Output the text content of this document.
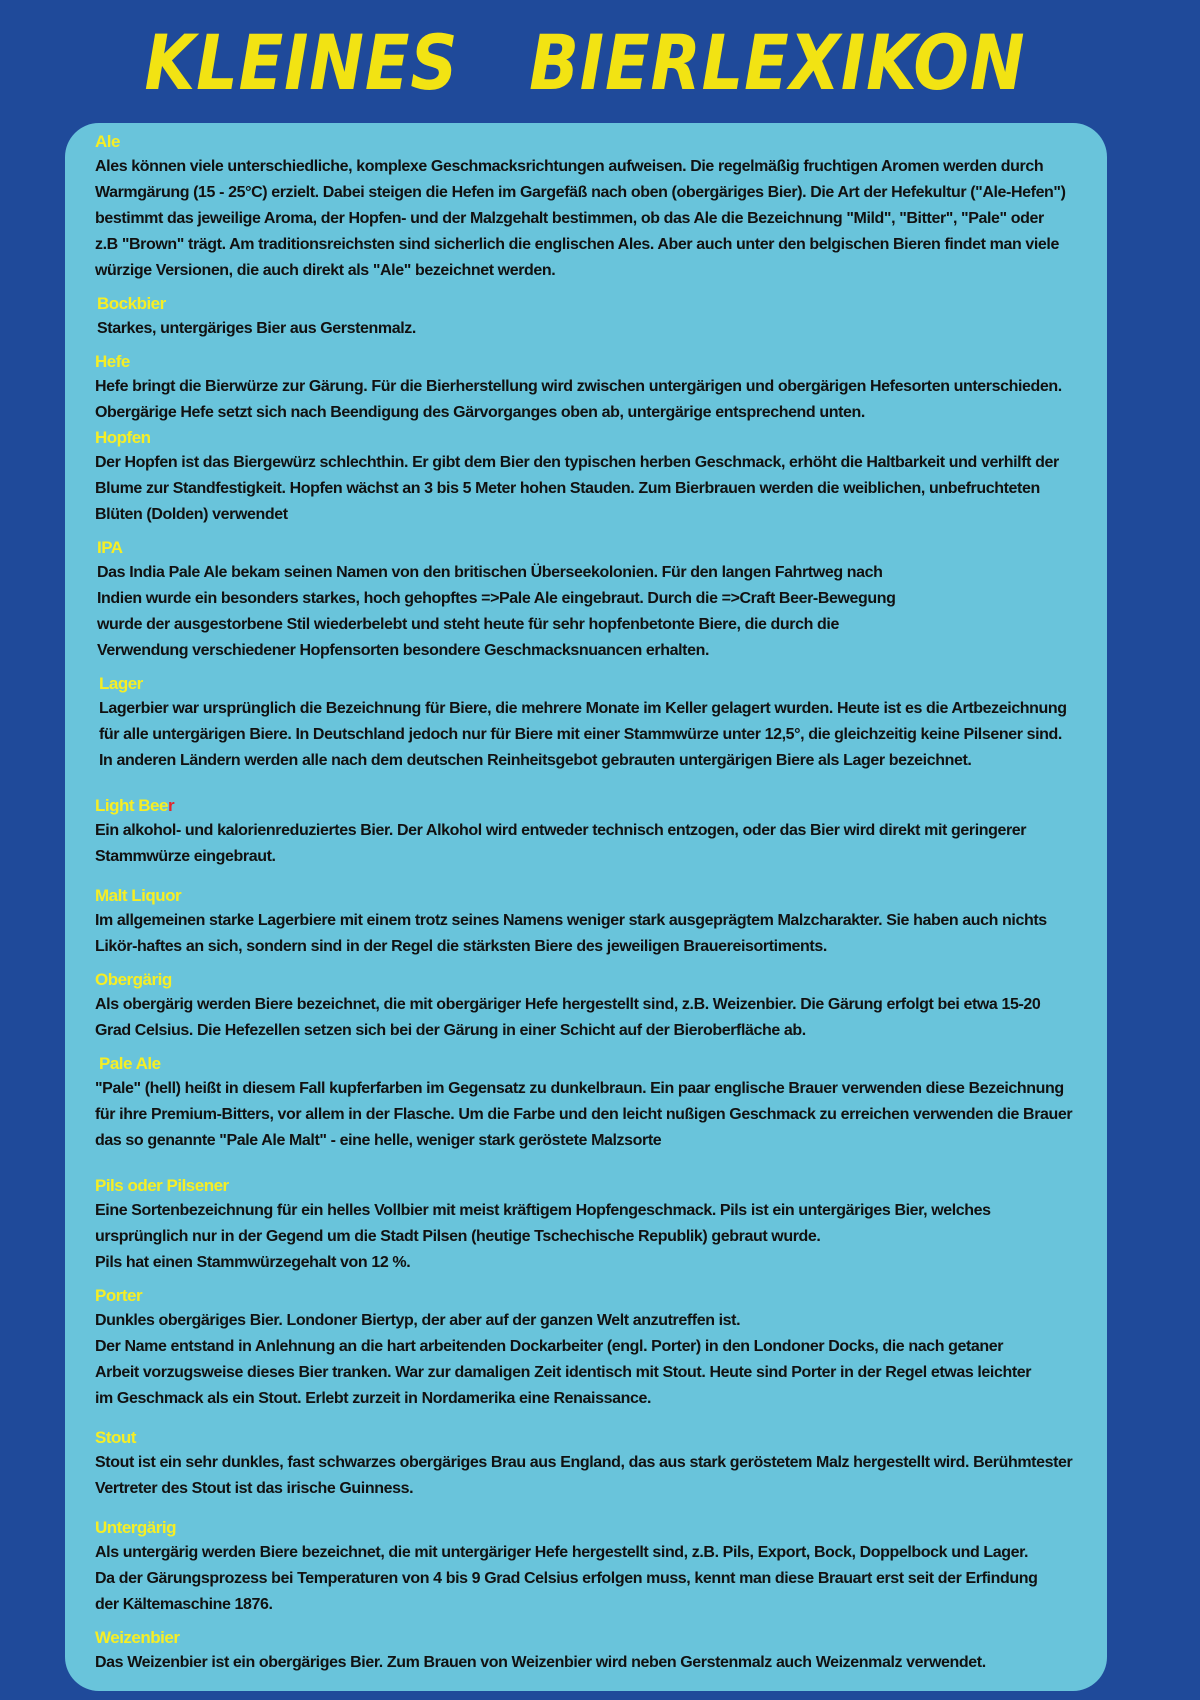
KLEINES   BIERLEXIKON
Ale
Ales können viele unterschiedliche, komplexe Geschmacksrichtungen aufweisen. Die regelmäßig fruchtigen Aromen werden durch
Warmgärung (15 - 25°C) erzielt. Dabei steigen die Hefen im Gargefäß nach oben (obergäriges Bier). Die Art der Hefekultur ("Ale-Hefen")
bestimmt das jeweilige Aroma, der Hopfen- und der Malzgehalt bestimmen, ob das Ale die Bezeichnung "Mild", "Bitter", "Pale" oder
z.B "Brown" trägt. Am traditionsreichsten sind sicherlich die englischen Ales. Aber auch unter den belgischen Bieren findet man viele
würzige Versionen, die auch direkt als "Ale" bezeichnet werden.
Bockbier
Starkes, untergäriges Bier aus Gerstenmalz.
Hefe
Hefe bringt die Bierwürze zur Gärung. Für die Bierherstellung wird zwischen untergärigen und obergärigen Hefesorten unterschieden.
Obergärige Hefe setzt sich nach Beendigung des Gärvorganges oben ab, untergärige entsprechend unten.
Hopfen
Der Hopfen ist das Biergewürz schlechthin. Er gibt dem Bier den typischen herben Geschmack, erhöht die Haltbarkeit und verhilft der
Blume zur Standfestigkeit. Hopfen wächst an 3 bis 5 Meter hohen Stauden. Zum Bierbrauen werden die weiblichen, unbefruchteten
Blüten (Dolden) verwendet
IPA
Das India Pale Ale bekam seinen Namen von den britischen Überseekolonien. Für den langen Fahrtweg nach
Indien wurde ein besonders starkes, hoch gehopftes =>Pale Ale eingebraut. Durch die =>Craft Beer-Bewegung
wurde der ausgestorbene Stil wiederbelebt und steht heute für sehr hopfenbetonte Biere, die durch die
Verwendung verschiedener Hopfensorten besondere Geschmacksnuancen erhalten.
Lager
Lagerbier war ursprünglich die Bezeichnung für Biere, die mehrere Monate im Keller gelagert wurden. Heute ist es die Artbezeichnung
für alle untergärigen Biere. In Deutschland jedoch nur für Biere mit einer Stammwürze unter 12,5°, die gleichzeitig keine Pilsener sind.
In anderen Ländern werden alle nach dem deutschen Reinheitsgebot gebrauten untergärigen Biere als Lager bezeichnet.
Light Beer
Ein alkohol- und kalorienreduziertes Bier. Der Alkohol wird entweder technisch entzogen, oder das Bier wird direkt mit geringerer
Stammwürze eingebraut.
Malt Liquor
Im allgemeinen starke Lagerbiere mit einem trotz seines Namens weniger stark ausgeprägtem Malzcharakter. Sie haben auch nichts
Likör-haftes an sich, sondern sind in der Regel die stärksten Biere des jeweiligen Brauereisortiments.
Obergärig
Als obergärig werden Biere bezeichnet, die mit obergäriger Hefe hergestellt sind, z.B. Weizenbier. Die Gärung erfolgt bei etwa 15-20
Grad Celsius. Die Hefezellen setzen sich bei der Gärung in einer Schicht auf der Bieroberfläche ab.
Pale Ale
"Pale" (hell) heißt in diesem Fall kupferfarben im Gegensatz zu dunkelbraun. Ein paar englische Brauer verwenden diese Bezeichnung
für ihre Premium-Bitters, vor allem in der Flasche. Um die Farbe und den leicht nußigen Geschmack zu erreichen verwenden die Brauer
das so genannte "Pale Ale Malt" - eine helle, weniger stark geröstete Malzsorte
Pils oder Pilsener
Eine Sortenbezeichnung für ein helles Vollbier mit meist kräftigem Hopfengeschmack. Pils ist ein untergäriges Bier, welches
ursprünglich nur in der Gegend um die Stadt Pilsen (heutige Tschechische Republik) gebraut wurde.
Pils hat einen Stammwürzegehalt von 12 %.
Porter
Dunkles obergäriges Bier. Londoner Biertyp, der aber auf der ganzen Welt anzutreffen ist.
Der Name entstand in Anlehnung an die hart arbeitenden Dockarbeiter (engl. Porter) in den Londoner Docks, die nach getaner
Arbeit vorzugsweise dieses Bier tranken. War zur damaligen Zeit identisch mit Stout. Heute sind Porter in der Regel etwas leichter
im Geschmack als ein Stout. Erlebt zurzeit in Nordamerika eine Renaissance.
Stout
Stout ist ein sehr dunkles, fast schwarzes obergäriges Brau aus England, das aus stark geröstetem Malz hergestellt wird. Berühmtester
Vertreter des Stout ist das irische Guinness.
Untergärig
Als untergärig werden Biere bezeichnet, die mit untergäriger Hefe hergestellt sind, z.B. Pils, Export, Bock, Doppelbock und Lager.
Da der Gärungsprozess bei Temperaturen von 4 bis 9 Grad Celsius erfolgen muss, kennt man diese Brauart erst seit der Erfindung
der Kältemaschine 1876.
Weizenbier
Das Weizenbier ist ein obergäriges Bier. Zum Brauen von Weizenbier wird neben Gerstenmalz auch Weizenmalz verwendet.
